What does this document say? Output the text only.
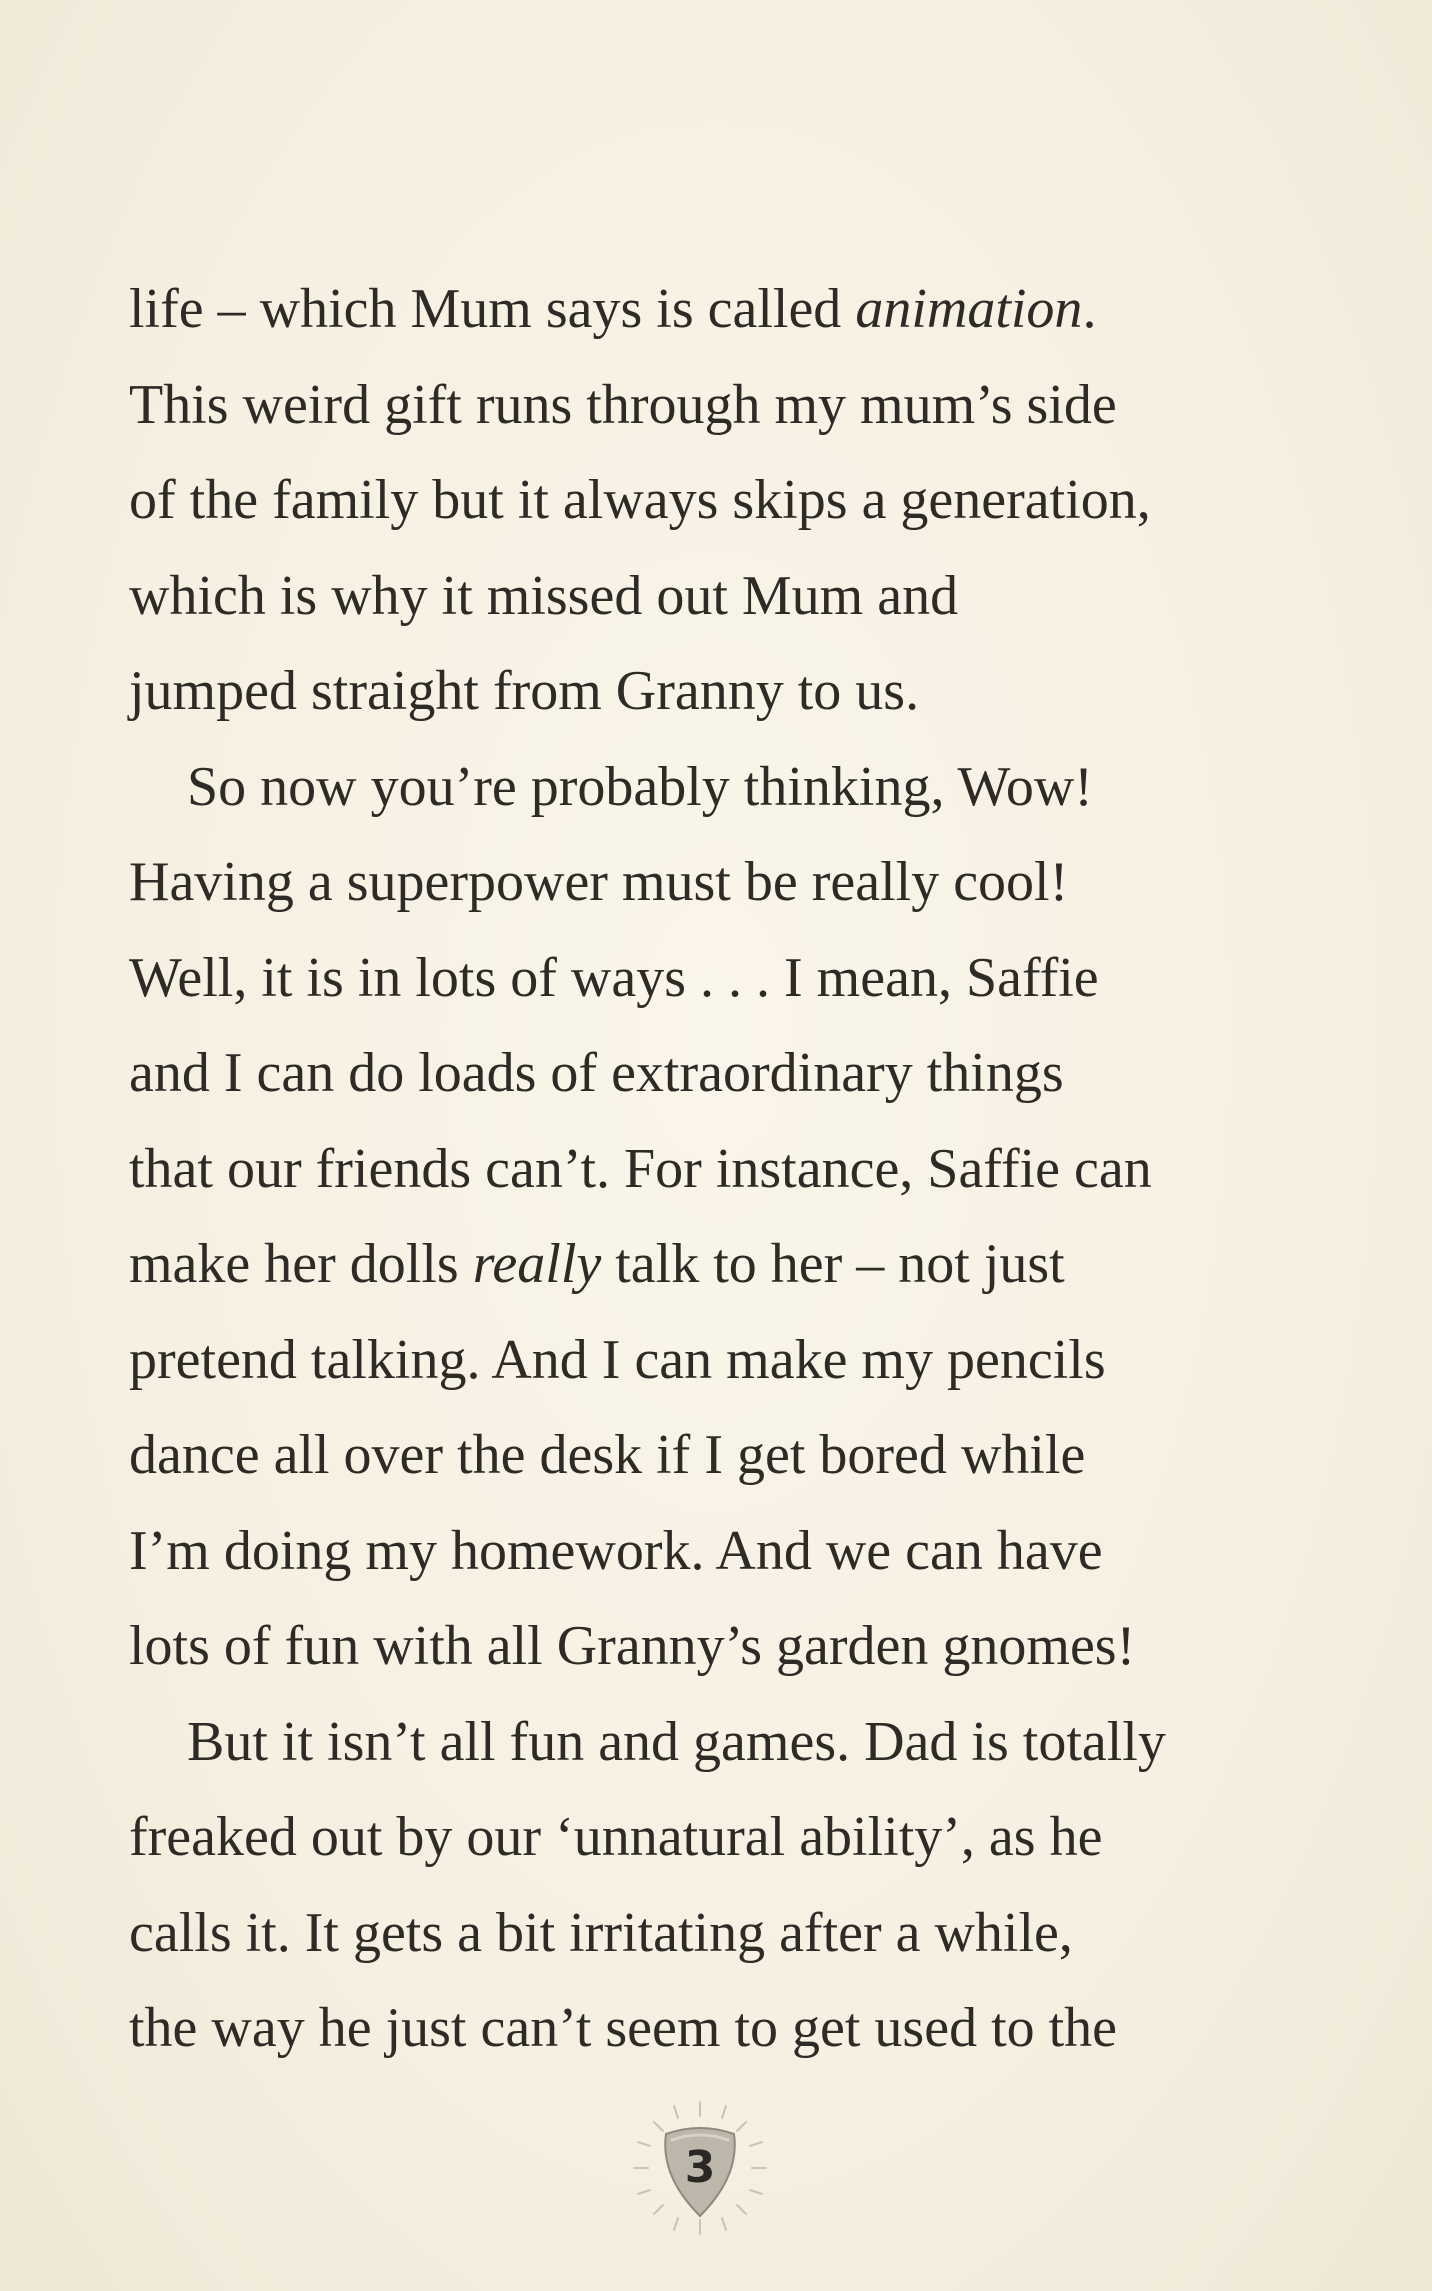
life – which Mum says is called animation.
This weird gift runs through my mum’s side
of the family but it always skips a generation,
which is why it missed out Mum and
jumped straight from Granny to us.
So now you’re probably thinking, Wow!
Having a superpower must be really cool!
Well, it is in lots of ways . . . I mean, Saffie
and I can do loads of extraordinary things
that our friends can’t. For instance, Saffie can
make her dolls really talk to her – not just
pretend talking. And I can make my pencils
dance all over the desk if I get bored while
I’m doing my homework. And we can have
lots of fun with all Granny’s garden gnomes!
But it isn’t all fun and games. Dad is totally
freaked out by our ‘unnatural ability’, as he
calls it. It gets a bit irritating after a while,
the way he just can’t seem to get used to the

3
